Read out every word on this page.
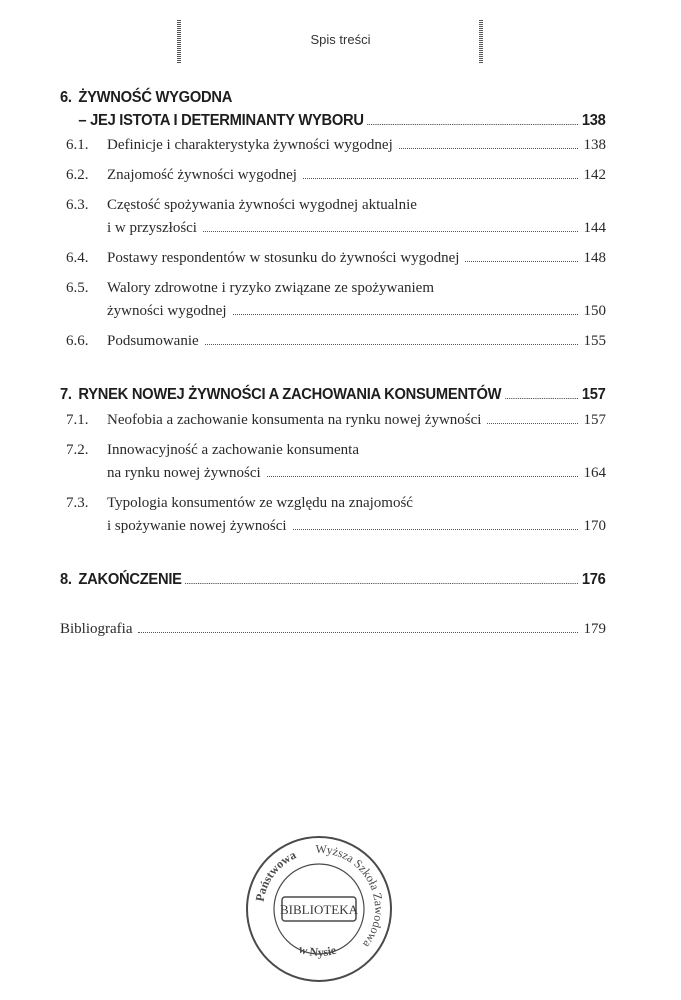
Spis treści
6. ŻYWNOŚĆ WYGODNA
– JEJ ISTOTA I DETERMINANTY WYBORU	138
6.1.	Definicje i charakterystyka żywności wygodnej	138
6.2.	Znajomość żywności wygodnej	142
6.3.	Częstość spożywania żywności wygodnej aktualnie
i w przyszłości	144
6.4.	Postawy respondentów w stosunku do żywności wygodnej	148
6.5.	Walory zdrowotne i ryzyko związane ze spożywaniem
żywności wygodnej	150
6.6.	Podsumowanie	155
7. RYNEK NOWEJ ŻYWNOŚCI A ZACHOWANIA KONSUMENTÓW	157
7.1.	Neofobia a zachowanie konsumenta na rynku nowej żywności	157
7.2.	Innowacyjność a zachowanie konsumenta
na rynku nowej żywności	164
7.3.	Typologia konsumentów ze względu na znajomość
i spożywanie nowej żywności	170
8. ZAKOŃCZENIE	176
Bibliografia	179
Państwowa Wyższa Szkoła Zawodowa
BIBLIOTEKA
w Nysie
